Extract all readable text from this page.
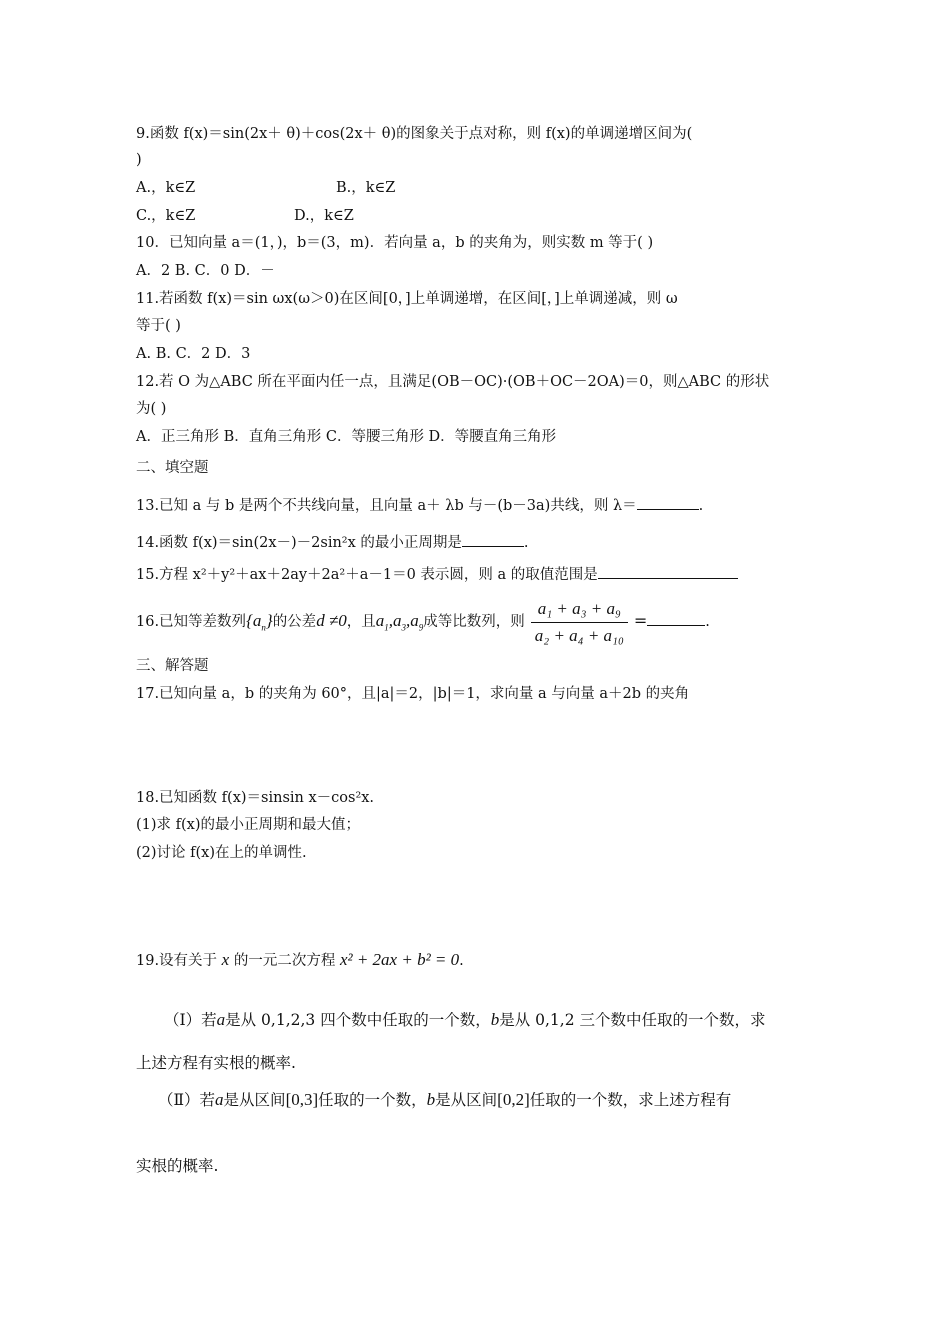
9.函数 f(x)＝sin(2x＋ θ)＋cos(2x＋ θ)的图象关于点对称，则 f(x)的单调递增区间为(
)
A.，k∈Z	B.，k∈Z
C.，k∈Z	D.，k∈Z
10．已知向量 a＝(1，)，b＝(3，m)．若向量 a，b 的夹角为，则实数 m 等于( )
A．2 B. C．0 D．－
11.若函数 f(x)＝sin ωx(ω＞0)在区间[0，]上单调递增，在区间[，]上单调递减，则 ω
等于( )
A. B. C．2 D．3
12.若 O 为△ABC 所在平面内任一点，且满足(OB－OC)·(OB＋OC－2OA)＝0，则△ABC 的形状
为( )
A．正三角形 B．直角三角形 C．等腰三角形 D．等腰直角三角形
二、填空题
13.已知 a 与 b 是两个不共线向量，且向量 a＋ λb 与－(b－3a)共线，则 λ＝	.
14.函数 f(x)＝sin(2x－)－2sin²x 的最小正周期是	.
15.方程 x²＋y²＋ax＋2ay＋2a²＋a－1＝0 表示圆，则 a 的取值范围是
16.已知等差数列$\{a_n\}$的公差d ≠0，且$a_1,a_3,a_9$成等比数列，则 $\frac{\text{a₁ + a₃ + a₉}}{\text{a₂ + a₄ + a₁₀}}$ =	.
三、解答题
17.已知向量 a，b 的夹角为 60°，且|a|＝2，|b|＝1，求向量 a 与向量 a＋2b 的夹角
18.已知函数 f(x)＝sinsin x－cos²x.
(1)求 f(x)的最小正周期和最大值；
(2)讨论 f(x)在上的单调性.
19.设有关于 x 的一元二次方程 x² + 2ax + b² = 0.
（Ⅰ）若a是从 0,1,2,3 四个数中任取的一个数，b是从 0,1,2 三个数中任取的一个数，求
上述方程有实根的概率.
（Ⅱ）若a是从区间[0,3]任取的一个数，b是从区间[0,2]任取的一个数，求上述方程有
实根的概率.
